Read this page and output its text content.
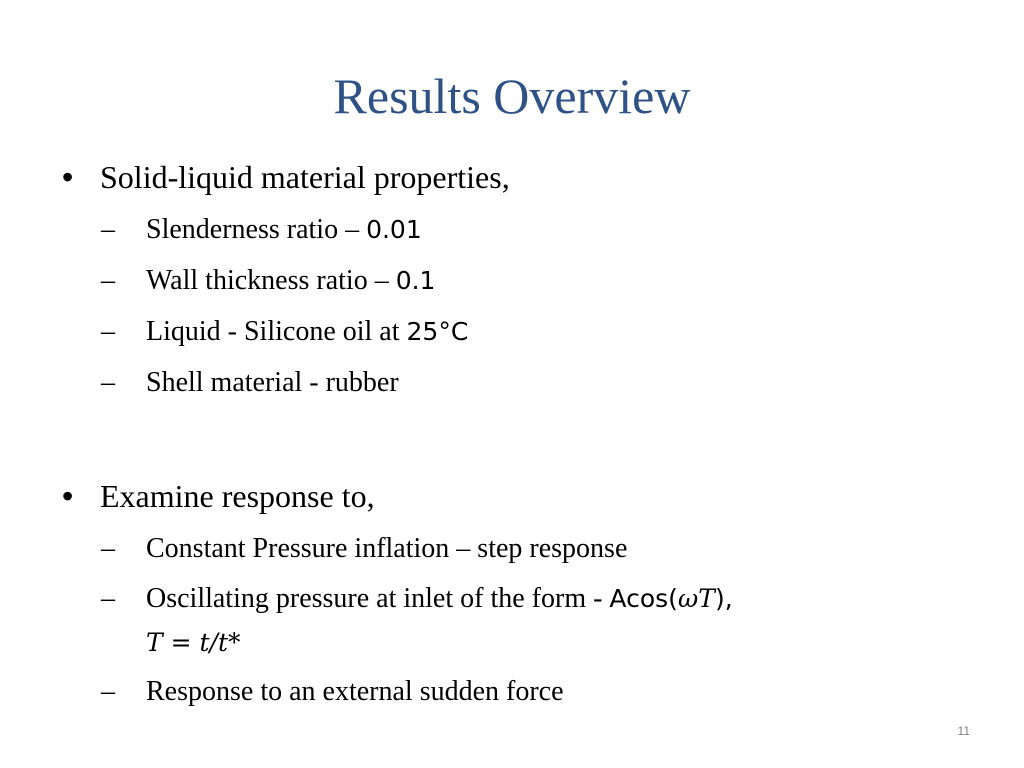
Results Overview
• Solid-liquid material properties,
– Slenderness ratio – 0.01
– Wall thickness ratio – 0.1
– Liquid - Silicone oil at 25°C
– Shell material - rubber
• Examine response to,
– Constant Pressure inflation – step response
– Oscillating pressure at inlet of the form - Acos(ωT),
T = t/t*
– Response to an external sudden force
11
